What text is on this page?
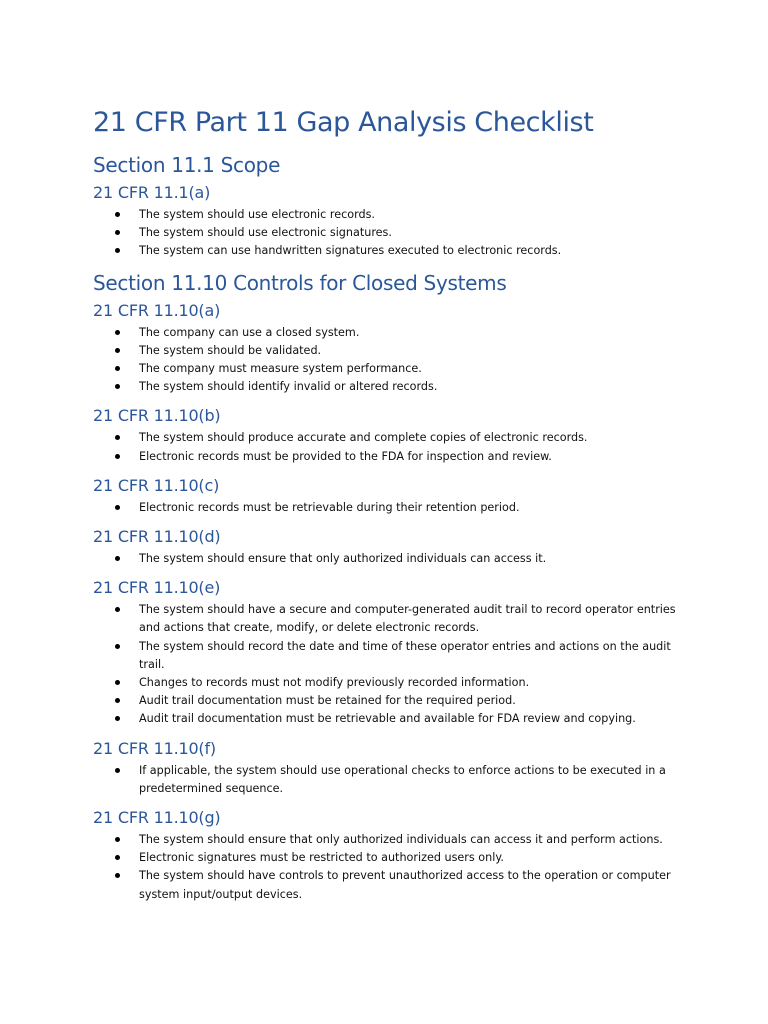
21 CFR Part 11 Gap Analysis Checklist
Section 11.1 Scope
21 CFR 11.1(a)
The system should use electronic records.
The system should use electronic signatures.
The system can use handwritten signatures executed to electronic records.
Section 11.10 Controls for Closed Systems
21 CFR 11.10(a)
The company can use a closed system.
The system should be validated.
The company must measure system performance.
The system should identify invalid or altered records.
21 CFR 11.10(b)
The system should produce accurate and complete copies of electronic records.
Electronic records must be provided to the FDA for inspection and review.
21 CFR 11.10(c)
Electronic records must be retrievable during their retention period.
21 CFR 11.10(d)
The system should ensure that only authorized individuals can access it.
21 CFR 11.10(e)
The system should have a secure and computer-generated audit trail to record operator entries and actions that create, modify, or delete electronic records.
The system should record the date and time of these operator entries and actions on the audit trail.
Changes to records must not modify previously recorded information.
Audit trail documentation must be retained for the required period.
Audit trail documentation must be retrievable and available for FDA review and copying.
21 CFR 11.10(f)
If applicable, the system should use operational checks to enforce actions to be executed in a predetermined sequence.
21 CFR 11.10(g)
The system should ensure that only authorized individuals can access it and perform actions.
Electronic signatures must be restricted to authorized users only.
The system should have controls to prevent unauthorized access to the operation or computer system input/output devices.
